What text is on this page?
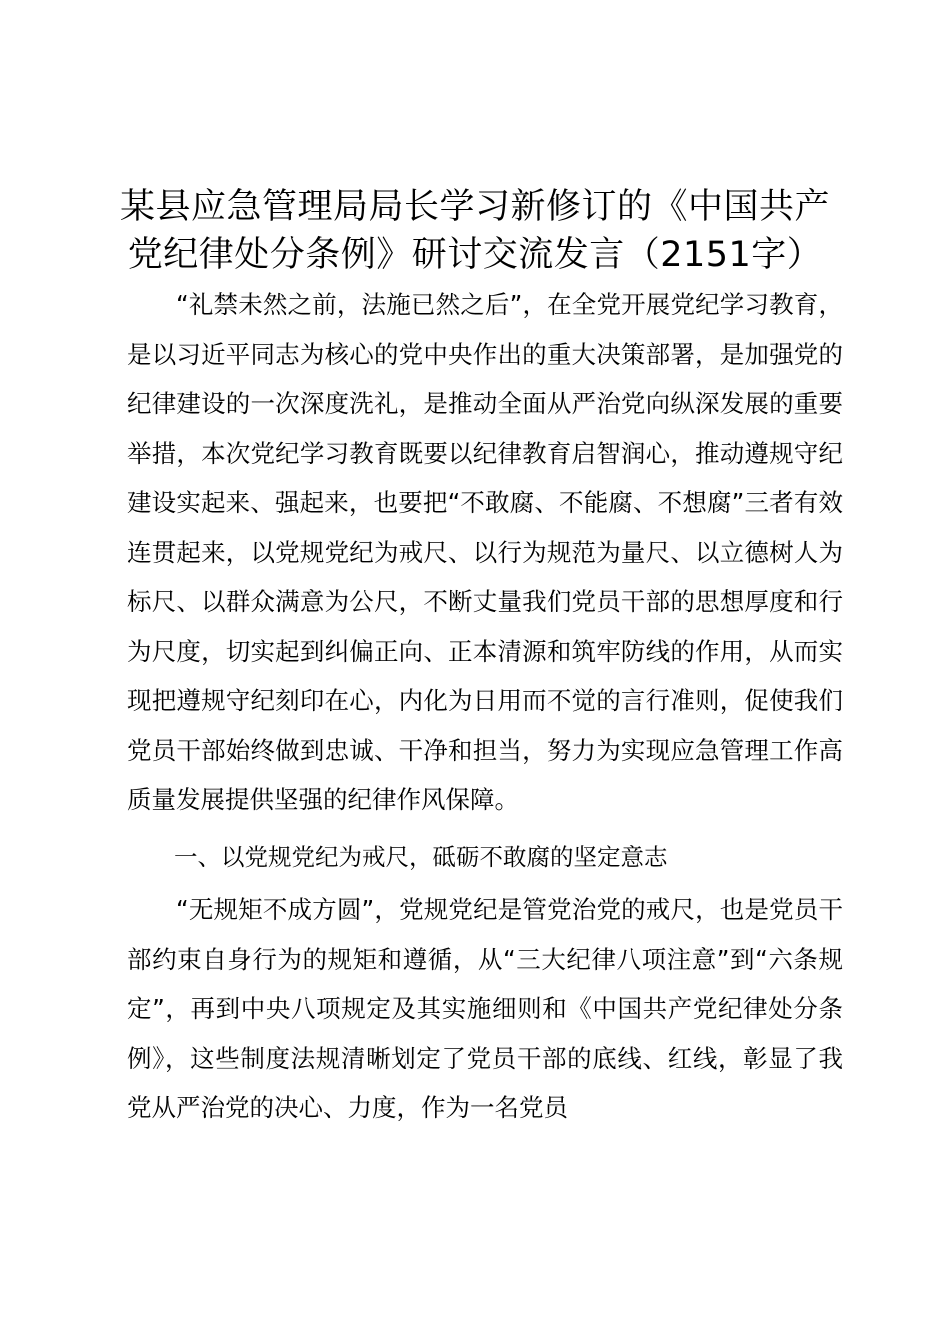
某县应急管理局局长学习新修订的《中国共产
党纪律处分条例》研讨交流发言（2151字）

“礼禁未然之前，法施已然之后”，在全党开展党纪学习教育，是以习近平同志为核心的党中央作出的重大决策部署，是加强党的纪律建设的一次深度洗礼，是推动全面从严治党向纵深发展的重要举措，本次党纪学习教育既要以纪律教育启智润心，推动遵规守纪建设实起来、强起来，也要把“不敢腐、不能腐、不想腐”三者有效连贯起来，以党规党纪为戒尺、以行为规范为量尺、以立德树人为标尺、以群众满意为公尺，不断丈量我们党员干部的思想厚度和行为尺度，切实起到纠偏正向、正本清源和筑牢防线的作用，从而实现把遵规守纪刻印在心，内化为日用而不觉的言行准则，促使我们党员干部始终做到忠诚、干净和担当，努力为实现应急管理工作高质量发展提供坚强的纪律作风保障。

一、以党规党纪为戒尺，砥砺不敢腐的坚定意志

“无规矩不成方圆”，党规党纪是管党治党的戒尺，也是党员干部约束自身行为的规矩和遵循，从“三大纪律八项注意”到“六条规定”，再到中央八项规定及其实施细则和《中国共产党纪律处分条例》，这些制度法规清晰划定了党员干部的底线、红线，彰显了我党从严治党的决心、力度，作为一名党员
